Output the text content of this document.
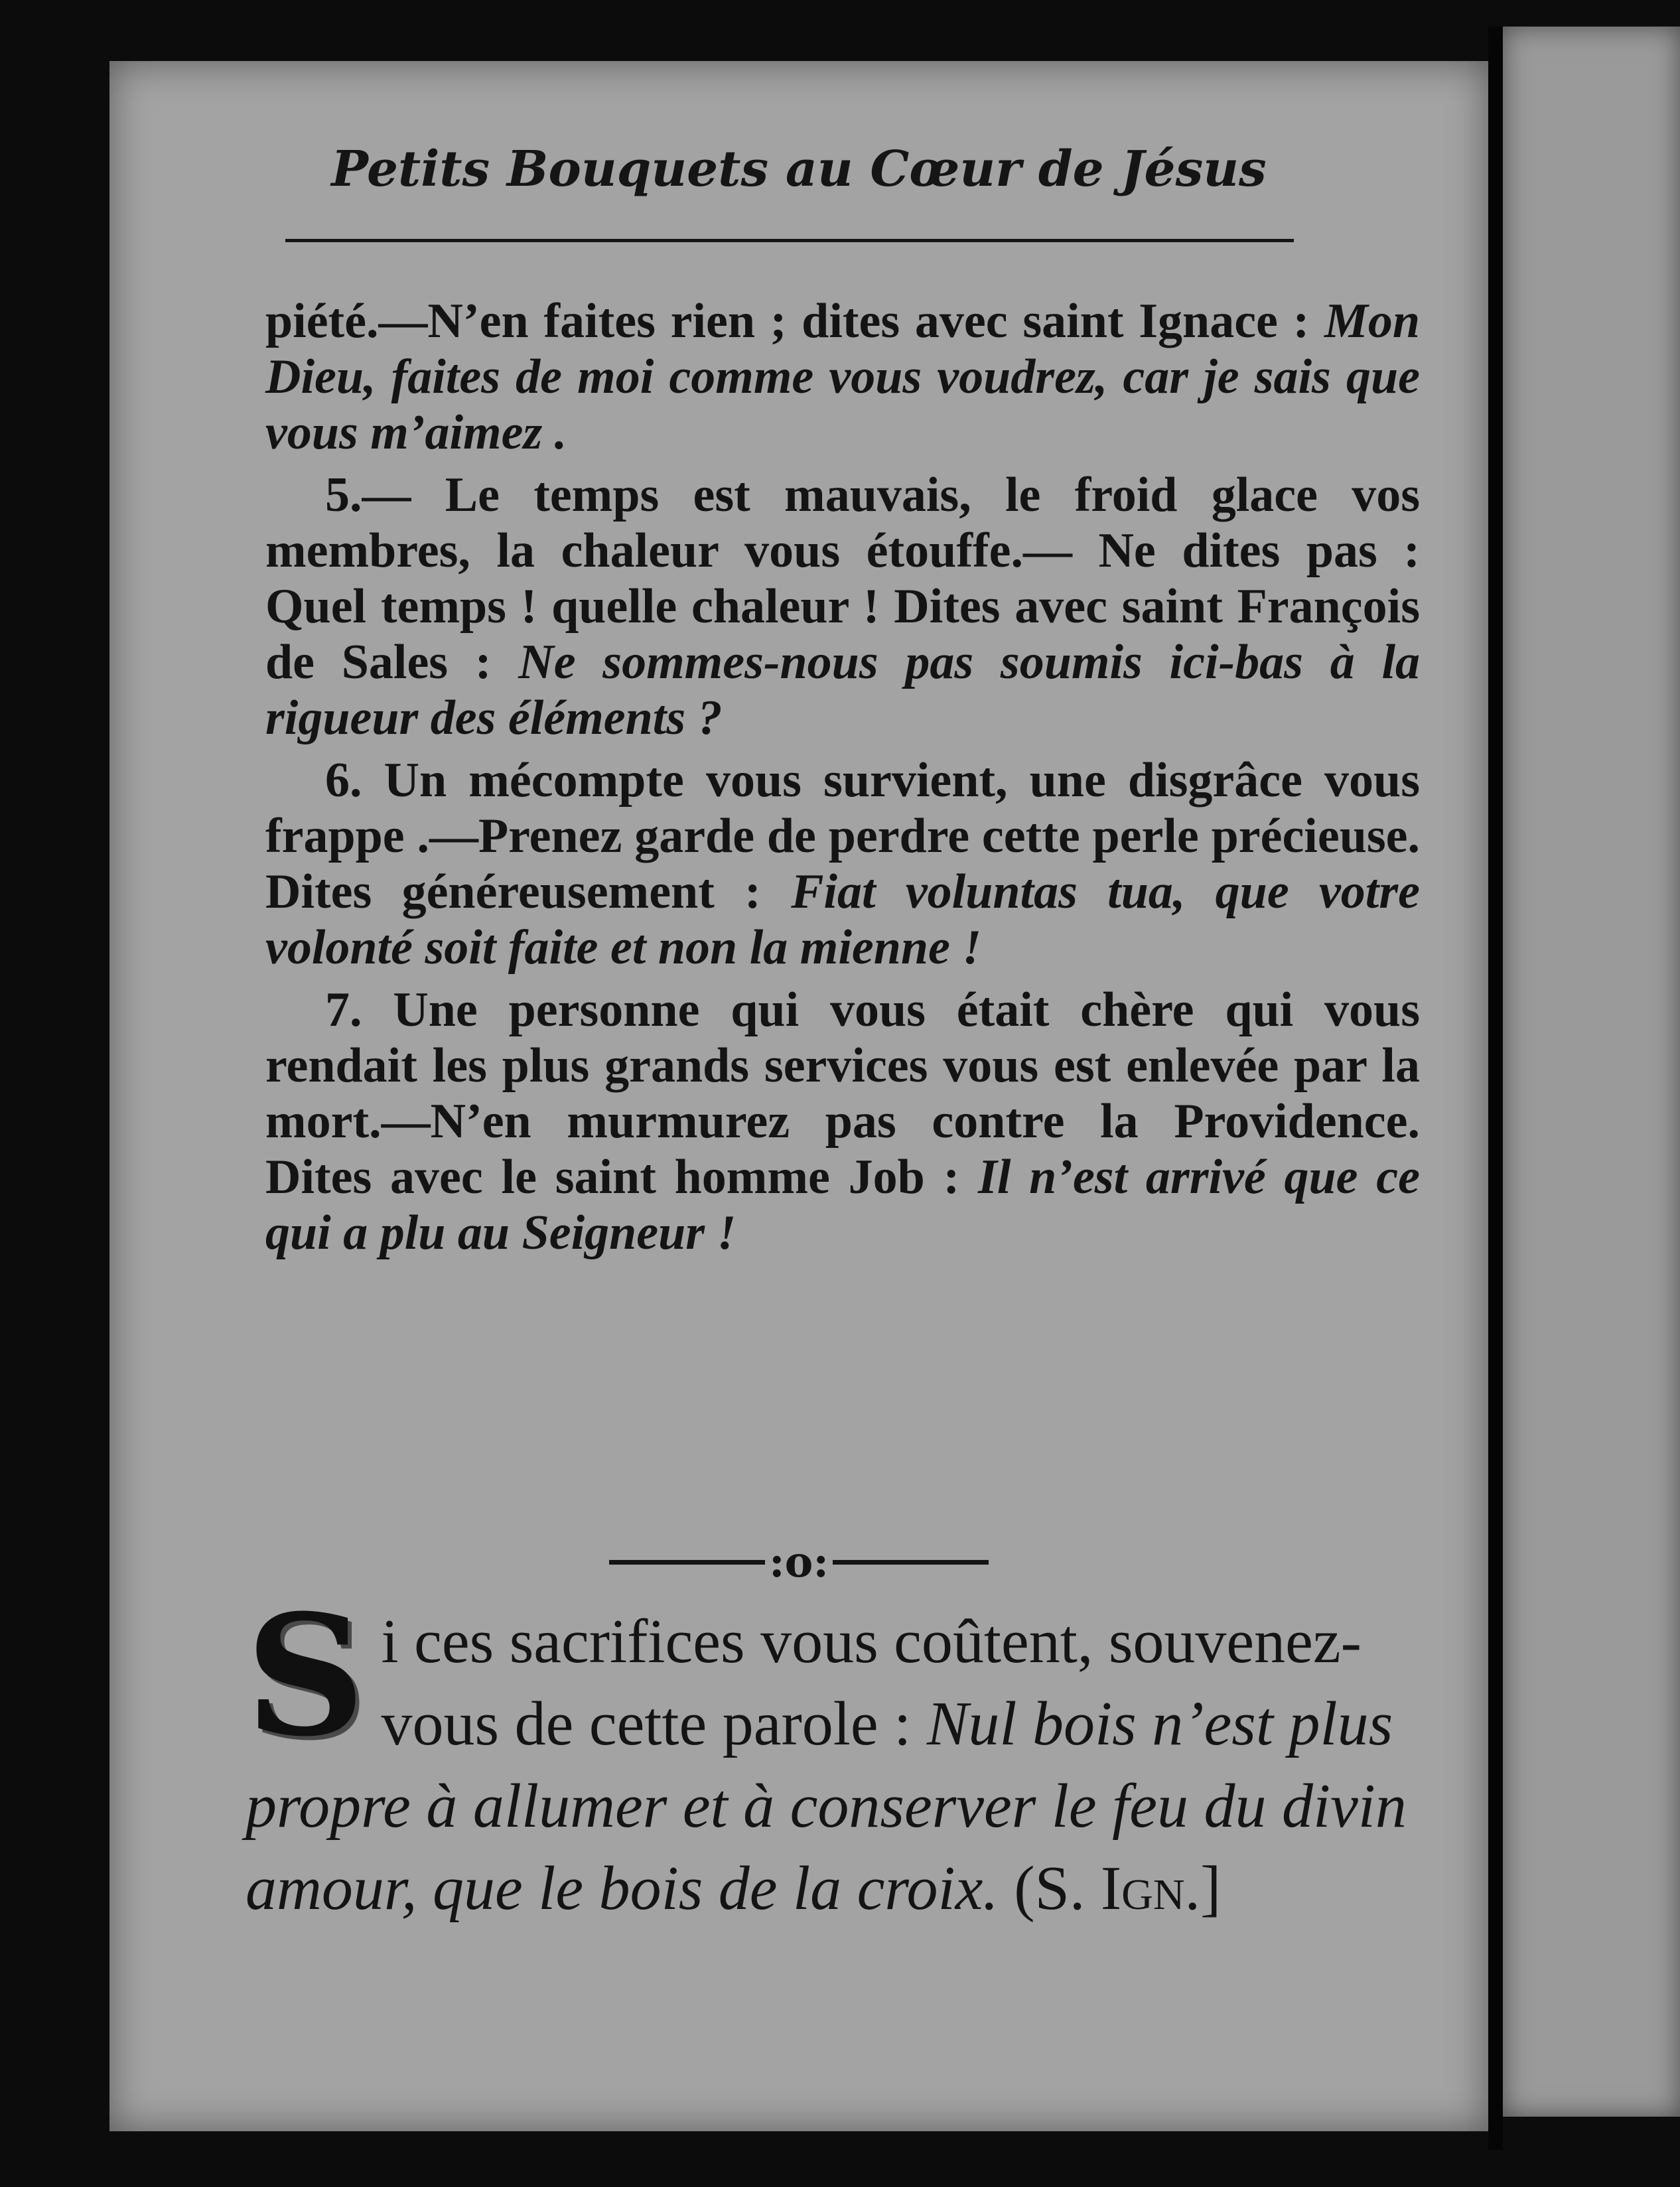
Petits Bouquets au Cœur de Jésus

piété.—N’en faites rien ; dites avec saint Ignace : Mon Dieu, faites de moi comme vous voudrez, car je sais que vous m’aimez .

5.— Le temps est mauvais, le froid glace vos membres, la chaleur vous étouffe.— Ne dites pas : Quel temps ! quelle chaleur ! Dites avec saint François de Sales : Ne sommes-nous pas soumis ici-bas à la rigueur des éléments ?

6. Un mécompte vous survient, une disgrâce vous frappe .—Prenez garde de perdre cette perle précieuse. Dites généreusement : Fiat voluntas tua, que votre volonté soit faite et non la mienne !

7. Une personne qui vous était chère qui vous rendait les plus grands services vous est enlevée par la mort.—N’en murmurez pas contre la Providence. Dites avec le saint homme Job : Il n’est arrivé que ce qui a plu au Seigneur !

:o:
S i ces sacrifices vous coûtent, souvenez-vous de cette parole : Nul bois n’est plus propre à allumer et à conserver le feu du divin amour, que le bois de la croix. (S. Ign.]
